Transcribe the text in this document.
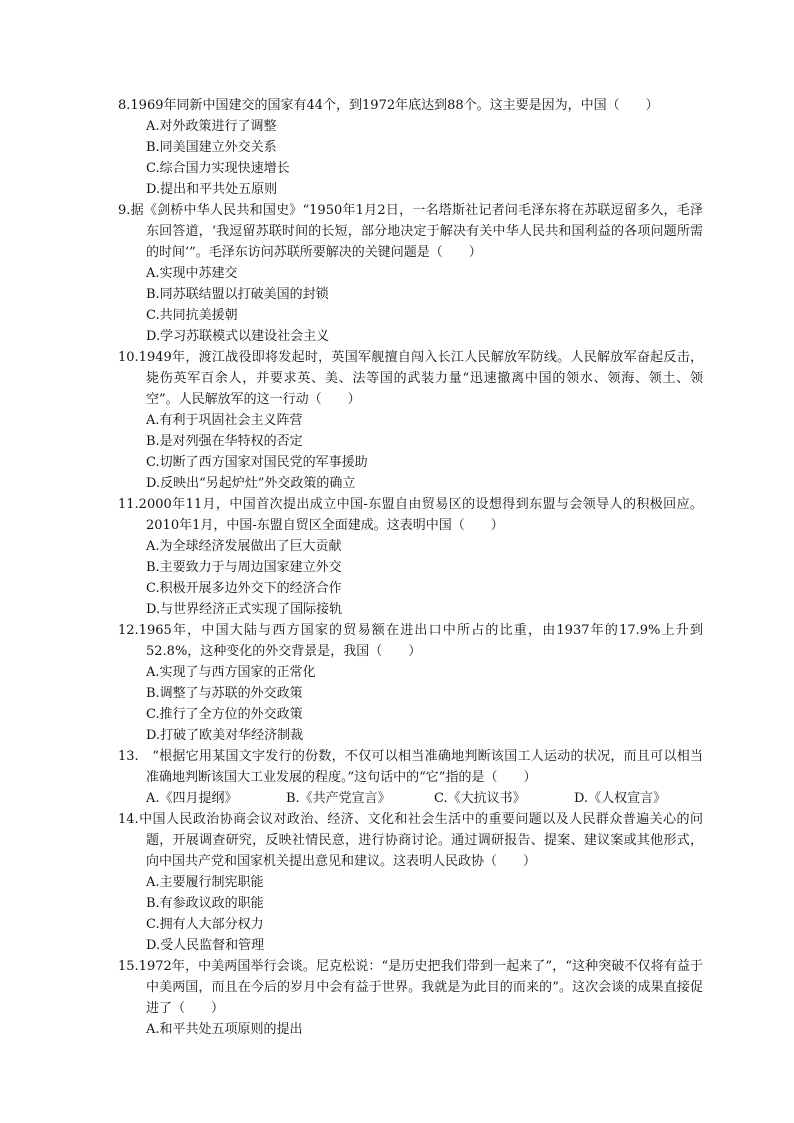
8.1969年同新中国建交的国家有44个，到1972年底达到88个。这主要是因为，中国（　　）

A.对外政策进行了调整

B.同美国建立外交关系

C.综合国力实现快速增长

D.提出和平共处五原则

9.据《剑桥中华人民共和国史》“1950年1月2日，一名塔斯社记者问毛泽东将在苏联逗留多久，毛泽东回答道，‘我逗留苏联时间的长短，部分地决定于解决有关中华人民共和国利益的各项问题所需的时间’”。毛泽东访问苏联所要解决的关键问题是（　　）

A.实现中苏建交

B.同苏联结盟以打破美国的封锁

C.共同抗美援朝

D.学习苏联模式以建设社会主义

10.1949年，渡江战役即将发起时，英国军舰擅自闯入长江人民解放军防线。人民解放军奋起反击，毙伤英军百余人，并要求英、美、法等国的武装力量“迅速撤离中国的领水、领海、领土、领空”。人民解放军的这一行动（　　）

A.有利于巩固社会主义阵营

B.是对列强在华特权的否定

C.切断了西方国家对国民党的军事援助

D.反映出“另起炉灶”外交政策的确立

11.2000年11月，中国首次提出成立中国-东盟自由贸易区的设想得到东盟与会领导人的积极回应。2010年1月，中国-东盟自贸区全面建成。这表明中国（　　）

A.为全球经济发展做出了巨大贡献

B.主要致力于与周边国家建立外交

C.积极开展多边外交下的经济合作

D.与世界经济正式实现了国际接轨

12.1965年，中国大陆与西方国家的贸易额在进出口中所占的比重，由1937年的17.9%上升到52.8%，这种变化的外交背景是，我国（　　）

A.实现了与西方国家的正常化

B.调整了与苏联的外交政策

C.推行了全方位的外交政策

D.打破了欧美对华经济制裁

13.　“根据它用某国文字发行的份数，不仅可以相当准确地判断该国工人运动的状况，而且可以相当准确地判断该国大工业发展的程度。”这句话中的“它”指的是（　　）

A.《四月提纲》	B.《共产党宣言》	C.《大抗议书》	D.《人权宣言》

14.中国人民政治协商会议对政治、经济、文化和社会生活中的重要问题以及人民群众普遍关心的问题，开展调查研究，反映社情民意，进行协商讨论。通过调研报告、提案、建议案或其他形式，向中国共产党和国家机关提出意见和建议。这表明人民政协（　　）

A.主要履行制宪职能

B.有参政议政的职能

C.拥有人大部分权力

D.受人民监督和管理

15.1972年，中美两国举行会谈。尼克松说：“是历史把我们带到一起来了”，“这种突破不仅将有益于中美两国，而且在今后的岁月中会有益于世界。我就是为此目的而来的”。这次会谈的成果直接促进了（　　）

A.和平共处五项原则的提出
